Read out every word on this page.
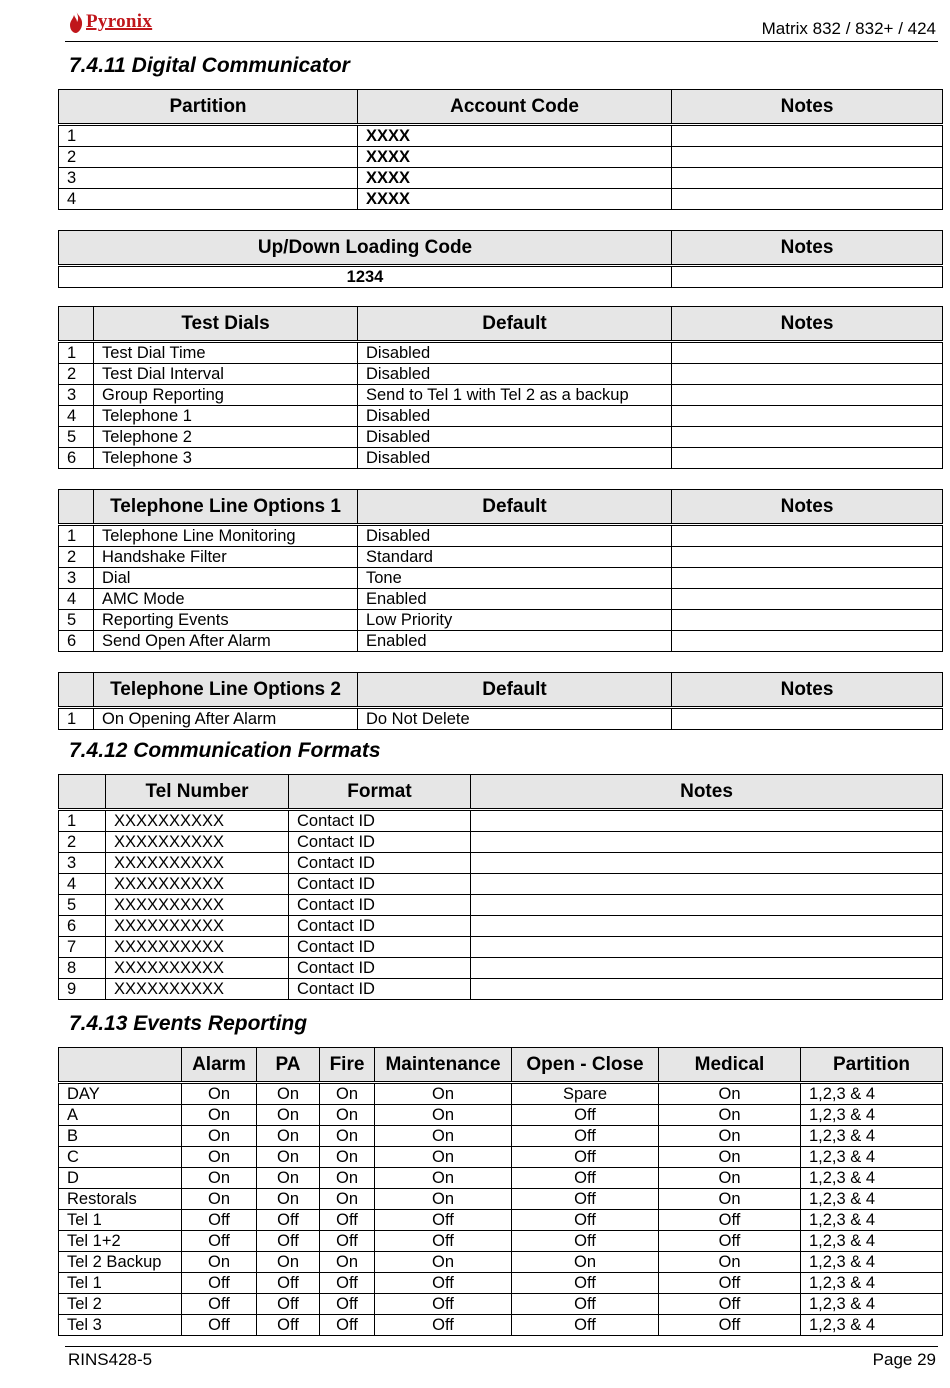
Pyronix	Matrix 832 / 832+ / 424
7.4.11 Digital Communicator
Partition	Account Code	Notes
1	XXXX	
2	XXXX	
3	XXXX	
4	XXXX	
Up/Down Loading Code	Notes
1234	
	Test Dials	Default	Notes
1	Test Dial Time	Disabled	
2	Test Dial Interval	Disabled	
3	Group Reporting	Send to Tel 1 with Tel 2 as a backup	
4	Telephone 1	Disabled	
5	Telephone 2	Disabled	
6	Telephone 3	Disabled	
	Telephone Line Options 1	Default	Notes
1	Telephone Line Monitoring	Disabled	
2	Handshake Filter	Standard	
3	Dial	Tone	
4	AMC Mode	Enabled	
5	Reporting Events	Low Priority	
6	Send Open After Alarm	Enabled	
	Telephone Line Options 2	Default	Notes
1	On Opening After Alarm	Do Not Delete	
7.4.12 Communication Formats
	Tel Number	Format	Notes
1	XXXXXXXXXX	Contact ID	
2	XXXXXXXXXX	Contact ID	
3	XXXXXXXXXX	Contact ID	
4	XXXXXXXXXX	Contact ID	
5	XXXXXXXXXX	Contact ID	
6	XXXXXXXXXX	Contact ID	
7	XXXXXXXXXX	Contact ID	
8	XXXXXXXXXX	Contact ID	
9	XXXXXXXXXX	Contact ID	
7.4.13 Events Reporting
	Alarm	PA	Fire	Maintenance	Open - Close	Medical	Partition
DAY	On	On	On	On	Spare	On	1,2,3 & 4
A	On	On	On	On	Off	On	1,2,3 & 4
B	On	On	On	On	Off	On	1,2,3 & 4
C	On	On	On	On	Off	On	1,2,3 & 4
D	On	On	On	On	Off	On	1,2,3 & 4
Restorals	On	On	On	On	Off	On	1,2,3 & 4
Tel 1	Off	Off	Off	Off	Off	Off	1,2,3 & 4
Tel 1+2	Off	Off	Off	Off	Off	Off	1,2,3 & 4
Tel 2 Backup	On	On	On	On	On	On	1,2,3 & 4
Tel 1	Off	Off	Off	Off	Off	Off	1,2,3 & 4
Tel 2	Off	Off	Off	Off	Off	Off	1,2,3 & 4
Tel 3	Off	Off	Off	Off	Off	Off	1,2,3 & 4
RINS428-5	Page 29
